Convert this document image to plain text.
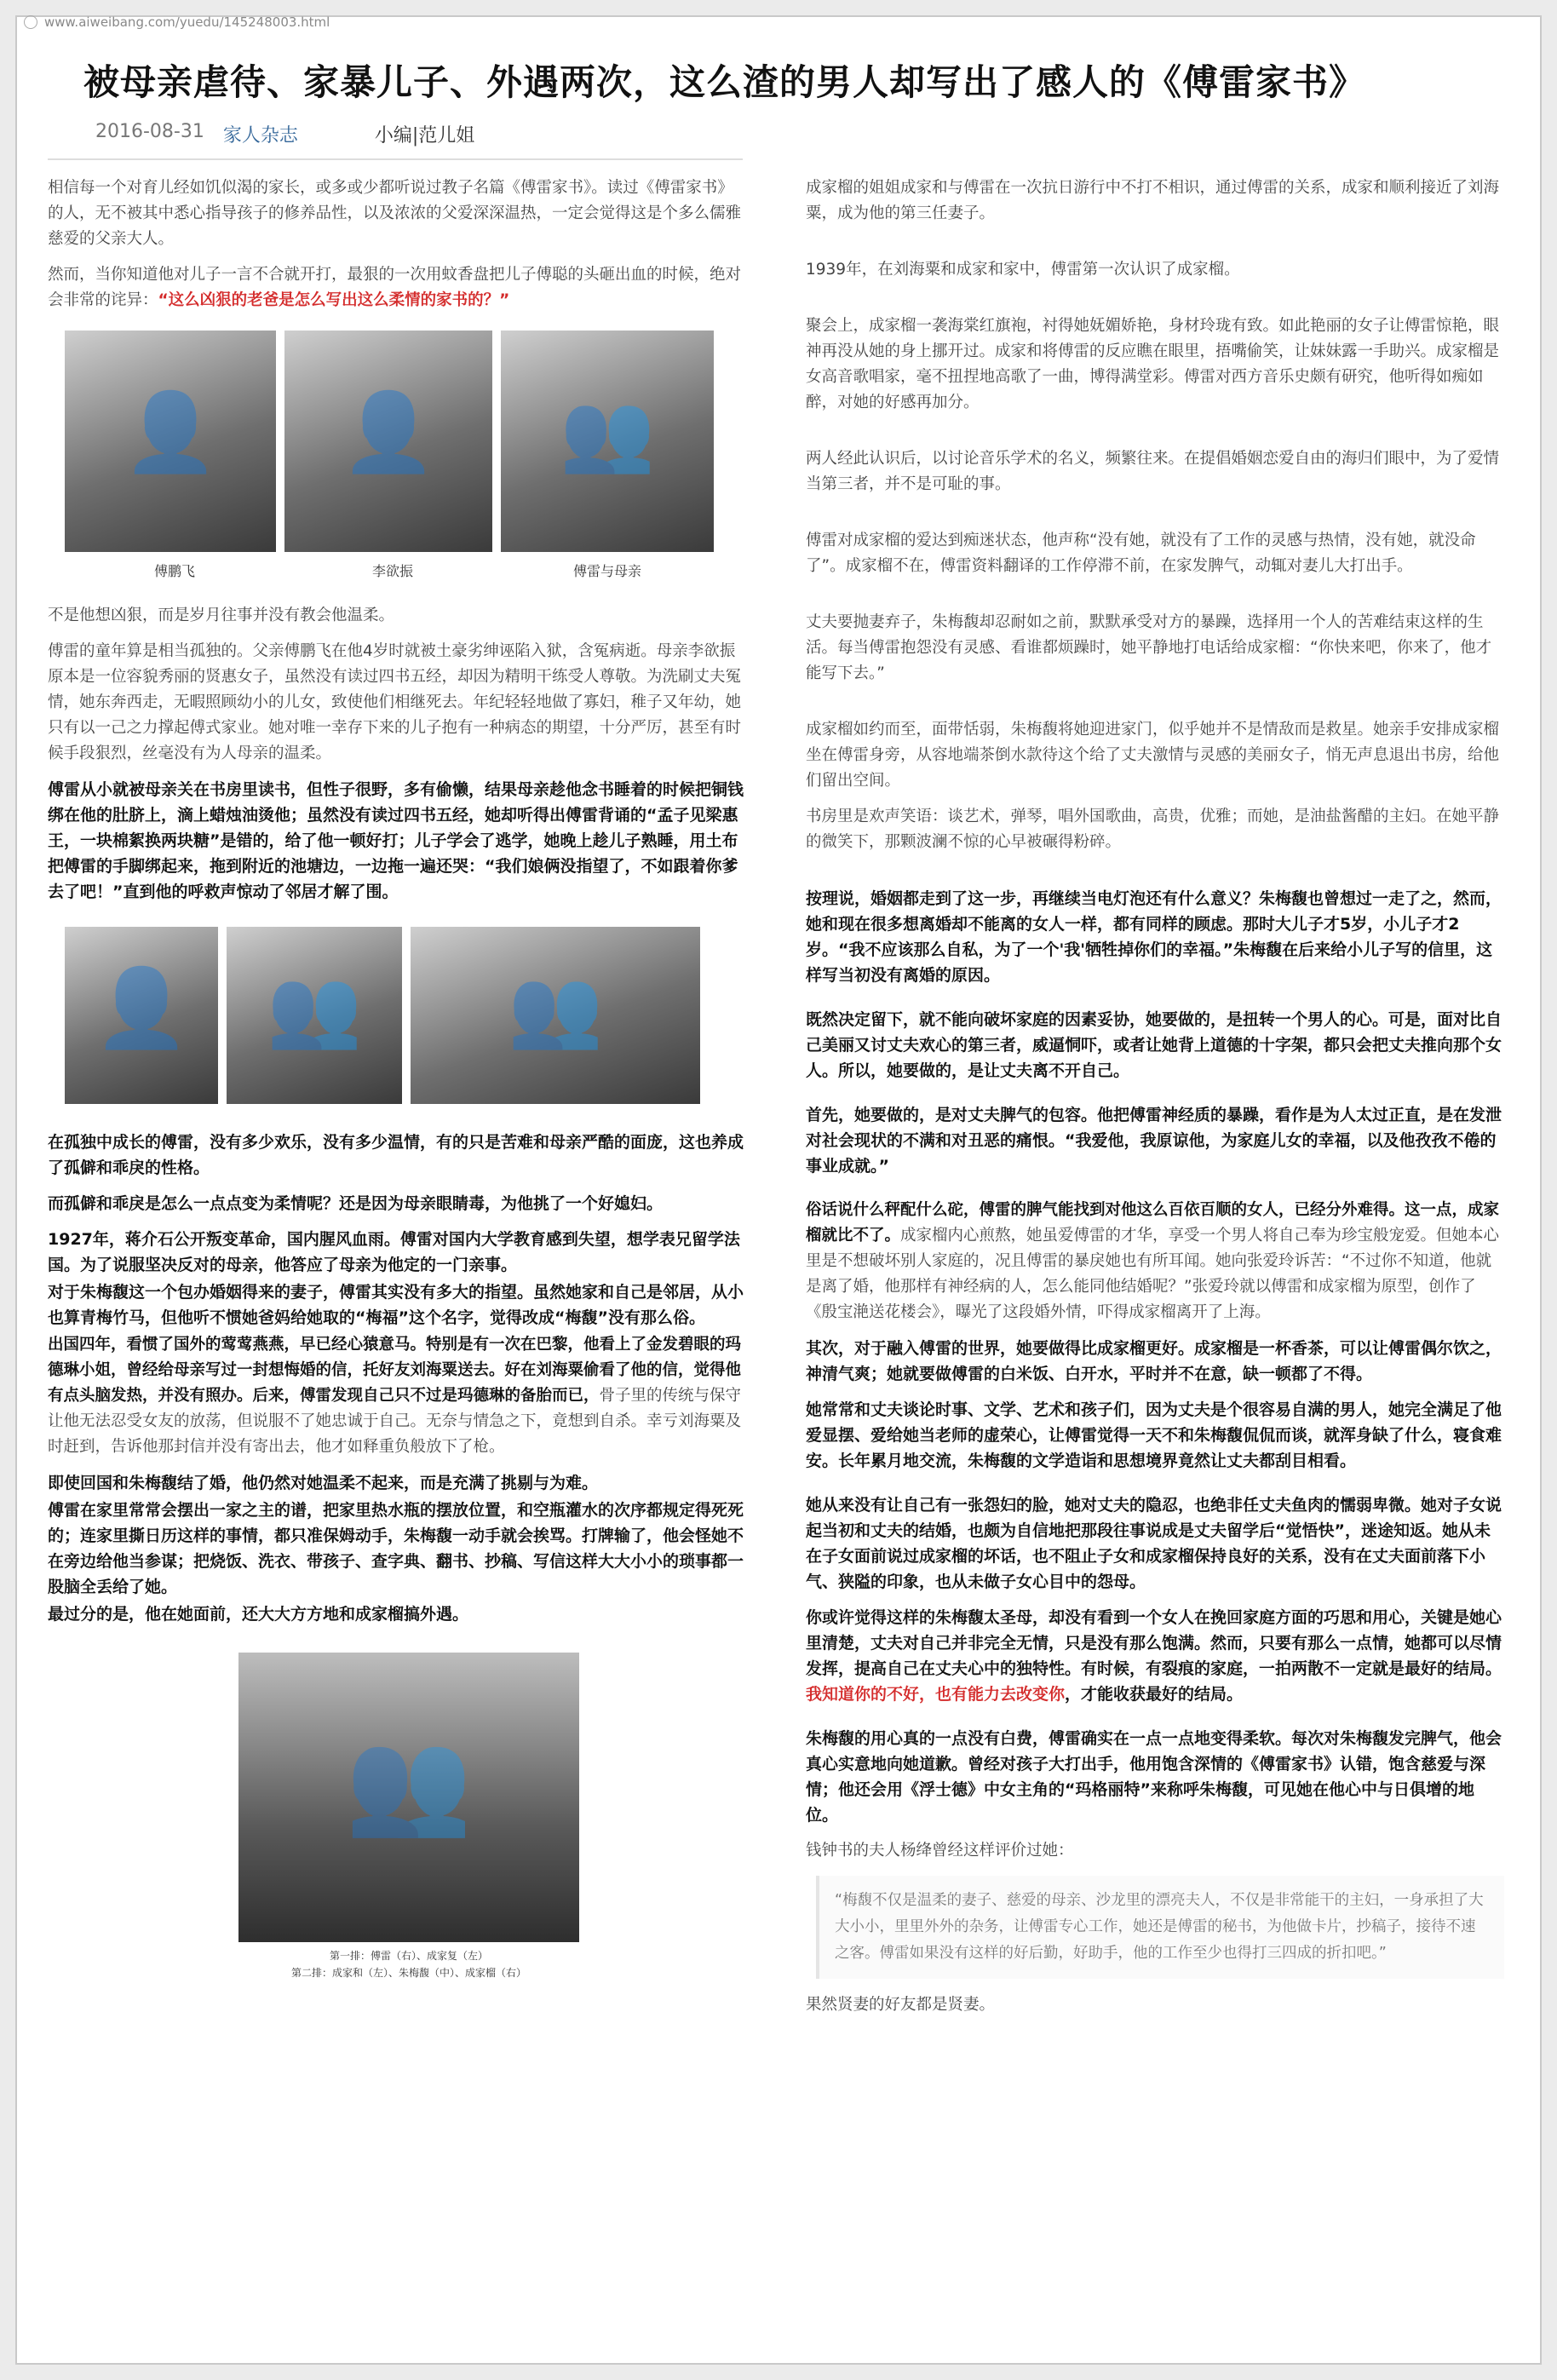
www.aiweibang.com/yuedu/145248003.html
被母亲虐待、家暴儿子、外遇两次，这么渣的男人却写出了感人的《傅雷家书》
2016-08-31 家人杂志	小编|范儿姐

相信每一个对育儿经如饥似渴的家长，或多或少都听说过教子名篇《傅雷家书》。读过《傅雷家书》的人，无不被其中悉心指导孩子的修养品性，以及浓浓的父爱深深温热，一定会觉得这是个多么儒雅慈爱的父亲大人。

然而，当你知道他对儿子一言不合就开打，最狠的一次用蚊香盘把儿子傅聪的头砸出血的时候，绝对会非常的诧异：“这么凶狠的老爸是怎么写出这么柔情的家书的？”

👤 👤 👥
傅鹏飞	李欲振	傅雷与母亲

不是他想凶狠，而是岁月往事并没有教会他温柔。

傅雷的童年算是相当孤独的。父亲傅鹏飞在他4岁时就被土豪劣绅诬陷入狱，含冤病逝。母亲李欲振原本是一位容貌秀丽的贤惠女子，虽然没有读过四书五经，却因为精明干练受人尊敬。为洗刷丈夫冤情，她东奔西走，无暇照顾幼小的儿女，致使他们相继死去。年纪轻轻地做了寡妇，稚子又年幼，她只有以一己之力撑起傅式家业。她对唯一幸存下来的儿子抱有一种病态的期望，十分严厉，甚至有时候手段狠烈，丝毫没有为人母亲的温柔。

傅雷从小就被母亲关在书房里读书，但性子很野，多有偷懒，结果母亲趁他念书睡着的时候把铜钱绑在他的肚脐上，滴上蜡烛油烫他；虽然没有读过四书五经，她却听得出傅雷背诵的“孟子见梁惠王，一块棉絮换两块糖”是错的，给了他一顿好打；儿子学会了逃学，她晚上趁儿子熟睡，用土布把傅雷的手脚绑起来，拖到附近的池塘边，一边拖一遍还哭：“我们娘俩没指望了，不如跟着你爹去了吧！”直到他的呼救声惊动了邻居才解了围。

👤 👥 👥

在孤独中成长的傅雷，没有多少欢乐，没有多少温情，有的只是苦难和母亲严酷的面庞，这也养成了孤僻和乖戾的性格。

而孤僻和乖戾是怎么一点点变为柔情呢？还是因为母亲眼睛毒，为他挑了一个好媳妇。

1927年，蒋介石公开叛变革命，国内腥风血雨。傅雷对国内大学教育感到失望，想学表兄留学法国。为了说服坚决反对的母亲，他答应了母亲为他定的一门亲事。

对于朱梅馥这一个包办婚姻得来的妻子，傅雷其实没有多大的指望。虽然她家和自己是邻居，从小也算青梅竹马，但他听不惯她爸妈给她取的“梅福”这个名字，觉得改成“梅馥”没有那么俗。

出国四年，看惯了国外的莺莺燕燕，早已经心猿意马。特别是有一次在巴黎，他看上了金发碧眼的玛德琳小姐，曾经给母亲写过一封想悔婚的信，托好友刘海粟送去。好在刘海粟偷看了他的信，觉得他有点头脑发热，并没有照办。后来，傅雷发现自己只不过是玛德琳的备胎而已，骨子里的传统与保守让他无法忍受女友的放荡，但说服不了她忠诚于自己。无奈与情急之下，竟想到自杀。幸亏刘海粟及时赶到，告诉他那封信并没有寄出去，他才如释重负般放下了枪。

即使回国和朱梅馥结了婚，他仍然对她温柔不起来，而是充满了挑剔与为难。

傅雷在家里常常会摆出一家之主的谱，把家里热水瓶的摆放位置，和空瓶灌水的次序都规定得死死的；连家里撕日历这样的事情，都只准保姆动手，朱梅馥一动手就会挨骂。打牌输了，他会怪她不在旁边给他当参谋；把烧饭、洗衣、带孩子、查字典、翻书、抄稿、写信这样大大小小的琐事都一股脑全丢给了她。

最过分的是，他在她面前，还大大方方地和成家榴搞外遇。

👥
第一排：傅雷（右）、成家复（左）
第二排：成家和（左）、朱梅馥（中）、成家榴（右）

成家榴的姐姐成家和与傅雷在一次抗日游行中不打不相识，通过傅雷的关系，成家和顺利接近了刘海粟，成为他的第三任妻子。

1939年，在刘海粟和成家和家中，傅雷第一次认识了成家榴。

聚会上，成家榴一袭海棠红旗袍，衬得她妩媚娇艳，身材玲珑有致。如此艳丽的女子让傅雷惊艳，眼神再没从她的身上挪开过。成家和将傅雷的反应瞧在眼里，捂嘴偷笑，让妹妹露一手助兴。成家榴是女高音歌唱家，毫不扭捏地高歌了一曲，博得满堂彩。傅雷对西方音乐史颇有研究，他听得如痴如醉，对她的好感再加分。

两人经此认识后，以讨论音乐学术的名义，频繁往来。在提倡婚姻恋爱自由的海归们眼中，为了爱情当第三者，并不是可耻的事。

傅雷对成家榴的爱达到痴迷状态，他声称“没有她，就没有了工作的灵感与热情，没有她，就没命了”。成家榴不在，傅雷资料翻译的工作停滞不前，在家发脾气，动辄对妻儿大打出手。

丈夫要抛妻弃子，朱梅馥却忍耐如之前，默默承受对方的暴躁，选择用一个人的苦难结束这样的生活。每当傅雷抱怨没有灵感、看谁都烦躁时，她平静地打电话给成家榴：“你快来吧，你来了，他才能写下去。”

成家榴如约而至，面带恬弱，朱梅馥将她迎进家门，似乎她并不是情敌而是救星。她亲手安排成家榴坐在傅雷身旁，从容地端茶倒水款待这个给了丈夫激情与灵感的美丽女子，悄无声息退出书房，给他们留出空间。

书房里是欢声笑语：谈艺术，弹琴，唱外国歌曲，高贵，优雅；而她，是油盐酱醋的主妇。在她平静的微笑下，那颗波澜不惊的心早被碾得粉碎。

按理说，婚姻都走到了这一步，再继续当电灯泡还有什么意义？朱梅馥也曾想过一走了之，然而，她和现在很多想离婚却不能离的女人一样，都有同样的顾虑。那时大儿子才5岁，小儿子才2岁。“我不应该那么自私，为了一个'我'牺牲掉你们的幸福。”朱梅馥在后来给小儿子写的信里，这样写当初没有离婚的原因。

既然决定留下，就不能向破坏家庭的因素妥协，她要做的，是扭转一个男人的心。可是，面对比自己美丽又讨丈夫欢心的第三者，威逼恫吓，或者让她背上道德的十字架，都只会把丈夫推向那个女人。所以，她要做的，是让丈夫离不开自己。

首先，她要做的，是对丈夫脾气的包容。他把傅雷神经质的暴躁，看作是为人太过正直，是在发泄对社会现状的不满和对丑恶的痛恨。“我爱他，我原谅他，为家庭儿女的幸福，以及他孜孜不倦的事业成就。”

俗话说什么秤配什么砣，傅雷的脾气能找到对他这么百依百顺的女人，已经分外难得。这一点，成家榴就比不了。成家榴内心煎熬，她虽爱傅雷的才华，享受一个男人将自己奉为珍宝般宠爱。但她本心里是不想破坏别人家庭的，况且傅雷的暴戾她也有所耳闻。她向张爱玲诉苦：“不过你不知道，他就是离了婚，他那样有神经病的人，怎么能同他结婚呢？”张爱玲就以傅雷和成家榴为原型，创作了《殷宝滟送花楼会》，曝光了这段婚外情，吓得成家榴离开了上海。

其次，对于融入傅雷的世界，她要做得比成家榴更好。成家榴是一杯香茶，可以让傅雷偶尔饮之，神清气爽；她就要做傅雷的白米饭、白开水，平时并不在意，缺一顿都了不得。

她常常和丈夫谈论时事、文学、艺术和孩子们，因为丈夫是个很容易自满的男人，她完全满足了他爱显摆、爱给她当老师的虚荣心，让傅雷觉得一天不和朱梅馥侃侃而谈，就浑身缺了什么，寝食难安。长年累月地交流，朱梅馥的文学造诣和思想境界竟然让丈夫都刮目相看。

她从来没有让自己有一张怨妇的脸，她对丈夫的隐忍，也绝非任丈夫鱼肉的懦弱卑微。她对子女说起当初和丈夫的结婚，也颇为自信地把那段往事说成是丈夫留学后“觉悟快”，迷途知返。她从未在子女面前说过成家榴的坏话，也不阻止子女和成家榴保持良好的关系，没有在丈夫面前落下小气、狭隘的印象，也从未做子女心目中的怨母。

你或许觉得这样的朱梅馥太圣母，却没有看到一个女人在挽回家庭方面的巧思和用心，关键是她心里清楚，丈夫对自己并非完全无情，只是没有那么饱满。然而，只要有那么一点情，她都可以尽情发挥，提高自己在丈夫心中的独特性。有时候，有裂痕的家庭，一拍两散不一定就是最好的结局。我知道你的不好，也有能力去改变你，才能收获最好的结局。

朱梅馥的用心真的一点没有白费，傅雷确实在一点一点地变得柔软。每次对朱梅馥发完脾气，他会真心实意地向她道歉。曾经对孩子大打出手，他用饱含深情的《傅雷家书》认错，饱含慈爱与深情；他还会用《浮士德》中女主角的“玛格丽特”来称呼朱梅馥，可见她在他心中与日俱增的地位。

钱钟书的夫人杨绛曾经这样评价过她：

“梅馥不仅是温柔的妻子、慈爱的母亲、沙龙里的漂亮夫人，不仅是非常能干的主妇，一身承担了大大小小，里里外外的杂务，让傅雷专心工作，她还是傅雷的秘书，为他做卡片，抄稿子，接待不速之客。傅雷如果没有这样的好后勤，好助手，他的工作至少也得打三四成的折扣吧。”

果然贤妻的好友都是贤妻。
